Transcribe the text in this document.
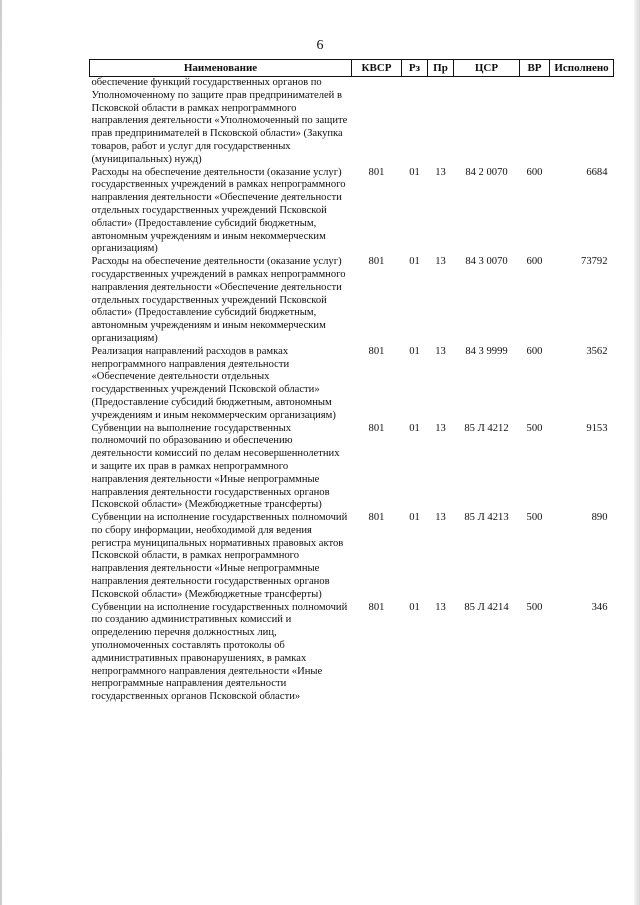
6
Наименование	КВСР	Рз	Пр	ЦСР	ВР	Исполнено
обеспечение функций государственных органов по Уполномоченному по защите прав предпринимателей в Псковской области в рамках непрограммного направления деятельности «Уполномоченный по защите прав предпринимателей в Псковской области» (Закупка товаров, работ и услуг для государственных (муниципальных) нужд)						
Расходы на обеспечение деятельности (оказание услуг) государственных учреждений в рамках непрограммного направления деятельности «Обеспечение деятельности отдельных государственных учреждений Псковской области» (Предоставление субсидий бюджетным, автономным учреждениям и иным некоммерческим организациям)	801	01	13	84 2 0070	600	6684
Расходы на обеспечение деятельности (оказание услуг) государственных учреждений в рамках непрограммного направления деятельности «Обеспечение деятельности отдельных государственных учреждений Псковской области» (Предоставление субсидий бюджетным, автономным учреждениям и иным некоммерческим организациям)	801	01	13	84 3 0070	600	73792
Реализация направлений расходов в рамках непрограммного направления деятельности «Обеспечение деятельности отдельных государственных учреждений Псковской области» (Предоставление субсидий бюджетным, автономным учреждениям и иным некоммерческим организациям)	801	01	13	84 3 9999	600	3562
Субвенции на выполнение государственных полномочий по образованию и обеспечению деятельности комиссий по делам несовершеннолетних и защите их прав в рамках непрограммного направления деятельности «Иные непрограммные направления деятельности государственных органов Псковской области» (Межбюджетные трансферты)	801	01	13	85 Л 4212	500	9153
Субвенции на исполнение государственных полномочий по сбору информации, необходимой для ведения регистра муниципальных нормативных правовых актов Псковской области, в рамках непрограммного направления деятельности «Иные непрограммные направления деятельности государственных органов Псковской области» (Межбюджетные трансферты)	801	01	13	85 Л 4213	500	890
Субвенции на исполнение государственных полномочий по созданию административных комиссий и определению перечня должностных лиц, уполномоченных составлять протоколы об административных правонарушениях, в рамках непрограммного направления деятельности «Иные непрограммные направления деятельности государственных органов Псковской области»	801	01	13	85 Л 4214	500	346
